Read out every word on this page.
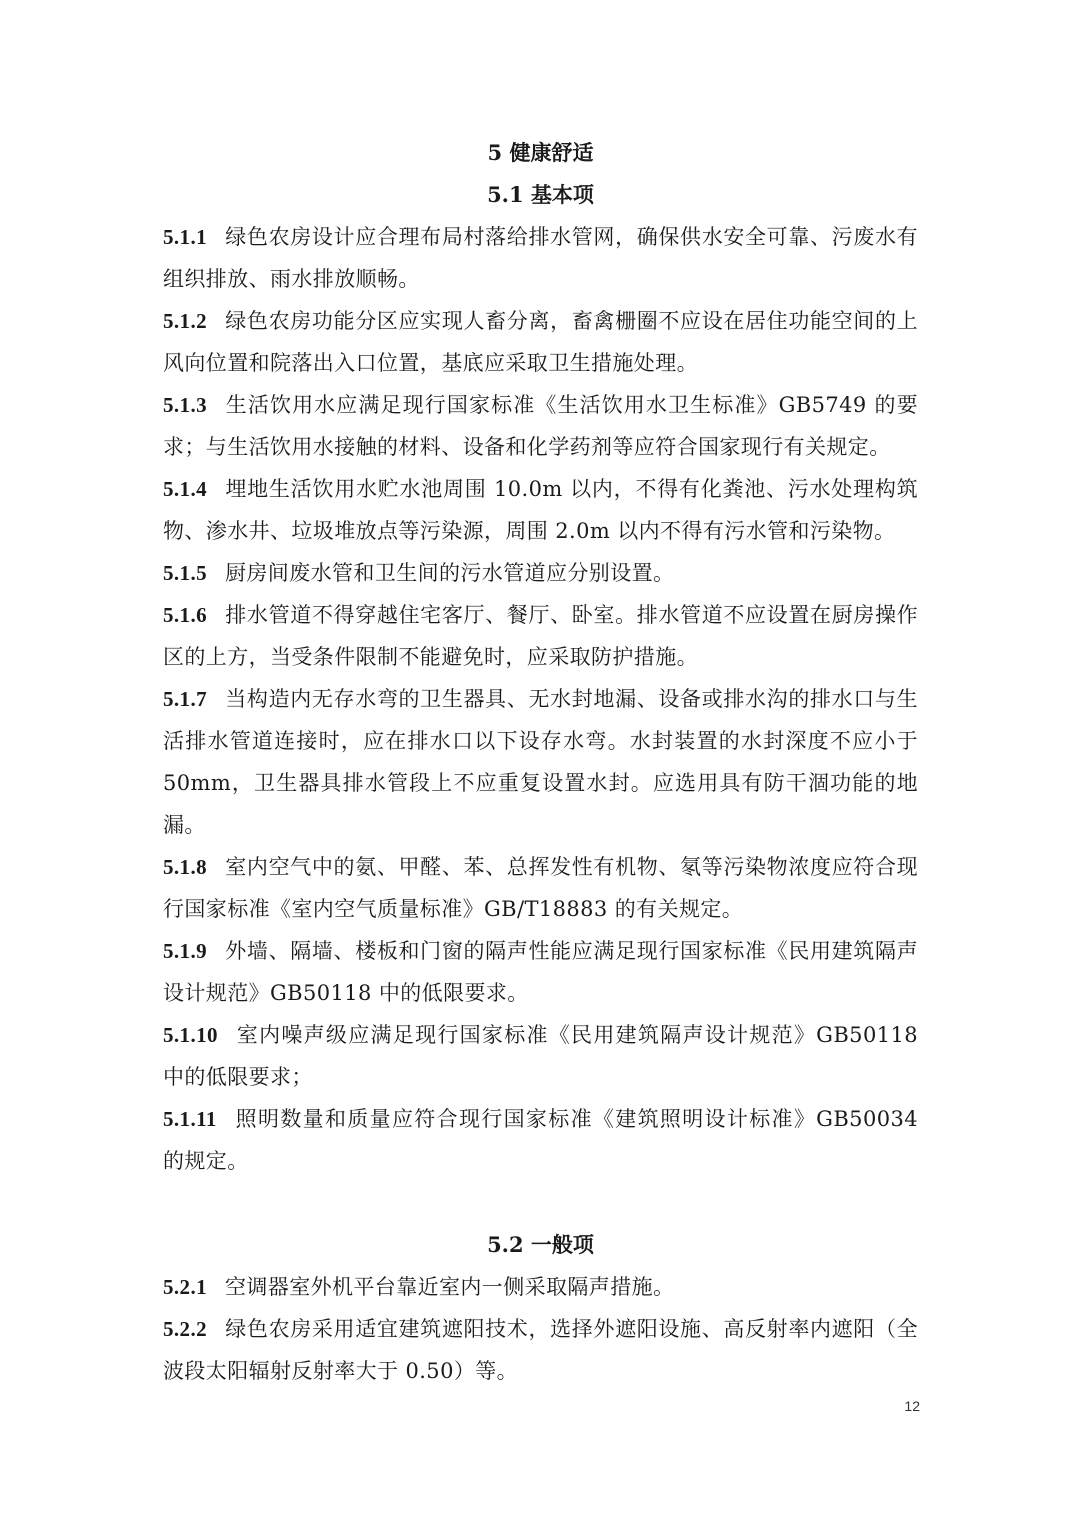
5 健康舒适
5.1 基本项

5.1.1 绿色农房设计应合理布局村落给排水管网，确保供水安全可靠、污废水有组织排放、雨水排放顺畅。

5.1.2 绿色农房功能分区应实现人畜分离，畜禽栅圈不应设在居住功能空间的上风向位置和院落出入口位置，基底应采取卫生措施处理。

5.1.3 生活饮用水应满足现行国家标准《生活饮用水卫生标准》GB5749 的要求；与生活饮用水接触的材料、设备和化学药剂等应符合国家现行有关规定。

5.1.4 埋地生活饮用水贮水池周围 10.0m 以内，不得有化粪池、污水处理构筑物、渗水井、垃圾堆放点等污染源，周围 2.0m 以内不得有污水管和污染物。

5.1.5 厨房间废水管和卫生间的污水管道应分别设置。

5.1.6 排水管道不得穿越住宅客厅、餐厅、卧室。排水管道不应设置在厨房操作区的上方，当受条件限制不能避免时，应采取防护措施。

5.1.7 当构造内无存水弯的卫生器具、无水封地漏、设备或排水沟的排水口与生活排水管道连接时，应在排水口以下设存水弯。水封装置的水封深度不应小于 50mm，卫生器具排水管段上不应重复设置水封。应选用具有防干涸功能的地漏。

5.1.8 室内空气中的氨、甲醛、苯、总挥发性有机物、氡等污染物浓度应符合现行国家标准《室内空气质量标准》GB/T18883 的有关规定。

5.1.9 外墙、隔墙、楼板和门窗的隔声性能应满足现行国家标准《民用建筑隔声设计规范》GB50118 中的低限要求。

5.1.10 室内噪声级应满足现行国家标准《民用建筑隔声设计规范》GB50118 中的低限要求；

5.1.11 照明数量和质量应符合现行国家标准《建筑照明设计标准》GB50034 的规定。

5.2 一般项

5.2.1 空调器室外机平台靠近室内一侧采取隔声措施。

5.2.2 绿色农房采用适宜建筑遮阳技术，选择外遮阳设施、高反射率内遮阳（全波段太阳辐射反射率大于 0.50）等。

12
